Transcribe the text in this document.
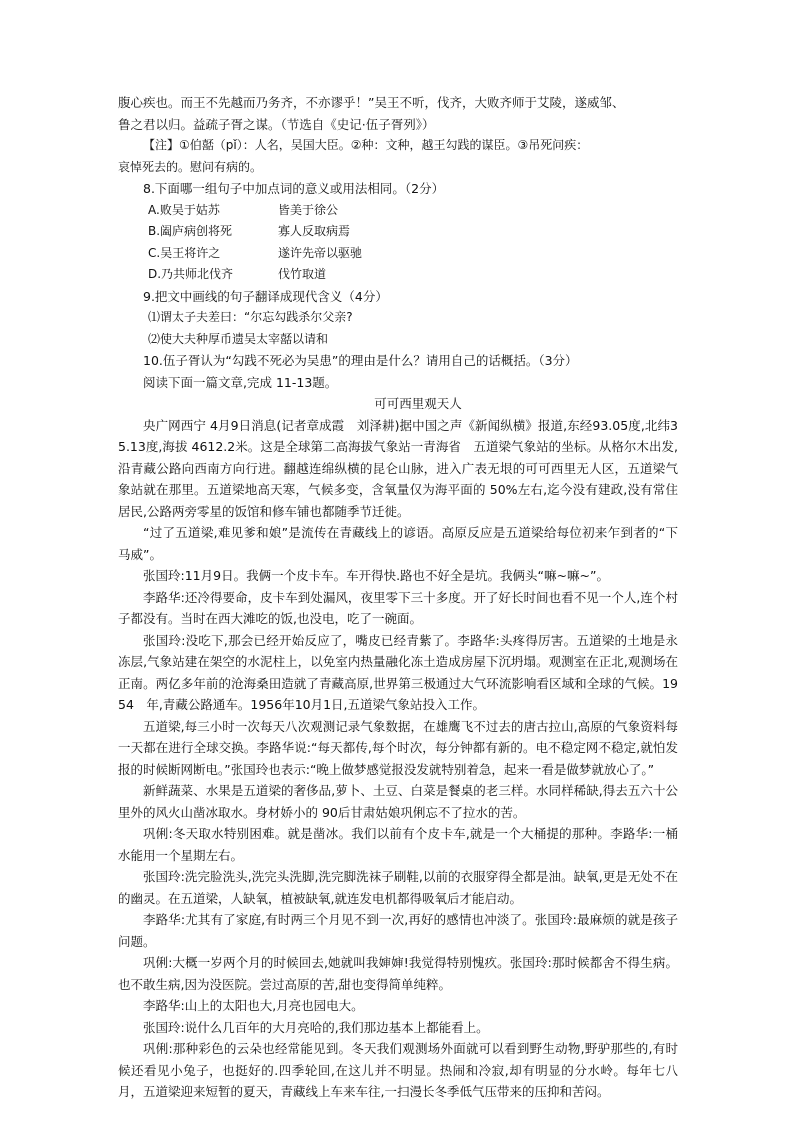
腹心疾也。而王不先越而乃务齐，不亦谬乎！”吴王不听，伐齐，大败齐师于艾陵，遂威邹、

鲁之君以归。益疏子胥之谋。（节选自《史记·伍子胥列》）

【注】①伯嚭（pǐ）：人名，吴国大臣。②种：文种，越王勾践的谋臣。③吊死问疾：

哀悼死去的。慰问有病的。

8.下面哪一组句子中加点词的意义或用法相同。（2分）

A.败吴于姑苏	皆美于徐公

B.阖庐病创将死	寡人反取病焉

C.吴王将许之	遂许先帝以驱驰

D.乃共师北伐齐	伐竹取道

9.把文中画线的句子翻译成现代含义（4分）

⑴谓太子夫差曰：“尔忘勾践杀尔父亲?

⑵使大夫种厚币遗吴太宰嚭以请和

10.伍子胥认为“勾践不死必为吴患”的理由是什么？请用自己的话概括。（3分）

阅读下面一篇文章,完成 11-13题。

可可西里观天人

央广网西宁 4月9日消息(记者章成霞　刘泽耕)据中国之声《新闻纵横》报道,东经93.05度,北纬35.13度,海拔 4612.2米。这是全球第二高海拔气象站一青海省　五道梁气象站的坐标。从格尔木出发,沿青藏公路向西南方向行进。翻越连绵纵横的昆仑山脉，进入广表无垠的可可西里无人区，五道梁气象站就在那里。五道梁地高天寒，气候多变，含氧量仅为海平面的 50%左右,迄今没有建政,没有常住居民,公路两旁零星的饭馆和修车铺也都随季节迁徙。

“过了五道梁,难见爹和娘”是流传在青藏线上的谚语。高原反应是五道梁给每位初来乍到者的“下马威”。

张国玲:11月9日。我俩一个皮卡车。车开得快.路也不好全是坑。我俩头“嘛~嘛~”。

李路华:还冷得要命，皮卡车到处漏风，夜里零下三十多度。开了好长时间也看不见一个人,连个村子都没有。当时在西大滩吃的饭,也没电，吃了一碗面。

张国玲:没吃下,那会已经开始反应了，嘴皮已经青紫了。李路华:头疼得厉害。五道梁的土地是永冻层,气象站建在架空的水泥柱上，以免室内热量融化冻土造成房屋下沉坍塌。观测室在正北,观测场在正南。两亿多年前的沧海桑田造就了青藏高原,世界第三极通过大气环流影响看区域和全球的气候。1954　年,青藏公路通车。1956年10月1日,五道梁气象站投入工作。

五道梁,每三小时一次每天八次观测记录气象数据，在雄鹰飞不过去的唐古拉山,高原的气象资料每一天都在进行全球交换。李路华说:“每天都传,每个时次，每分钟都有新的。电不稳定网不稳定,就怕发报的时候断网断电。”张国玲也表示:“晚上做梦感觉报没发就特别着急，起来一看是做梦就放心了。”

新鲜蔬菜、水果是五道梁的奢侈品,萝卜、土豆、白菜是餐桌的老三样。水同样稀缺,得去五六十公里外的风火山凿冰取水。身材娇小的 90后甘肃姑娘巩俐忘不了拉水的苦。

巩俐:冬天取水特别困难。就是凿冰。我们以前有个皮卡车,就是一个大桶提的那种。李路华:一桶水能用一个星期左右。

张国玲:洗完脸洗头,洗完头洗脚,洗完脚洗袜子刷鞋,以前的衣服穿得全都是油。缺氧,更是无处不在的幽灵。在五道梁，人缺氧，植被缺氧,就连发电机都得吸氧后才能启动。

李路华:尤其有了家庭,有时两三个月见不到一次,再好的感情也冲淡了。张国玲:最麻烦的就是孩子问题。

巩俐:大概一岁两个月的时候回去,她就叫我婶婶!我觉得特别愧疚。张国玲:那时候都舍不得生病。也不敢生病,因为没医院。尝过高原的苦,甜也变得简单纯粹。

李路华:山上的太阳也大,月亮也园电大。

张国玲:说什么几百年的大月亮哈的,我们那边基本上都能看上。

巩俐:那种彩色的云朵也经常能见到。冬天我们观测场外面就可以看到野生动物,野驴那些的,有时候还看见小兔子，也挺好的.四季轮回,在这儿并不明显。热闹和冷寂,却有明显的分水岭。每年七八月，五道梁迎来短暂的夏天，青藏线上车来车往,一扫漫长冬季低气压带来的压抑和苦闷。
